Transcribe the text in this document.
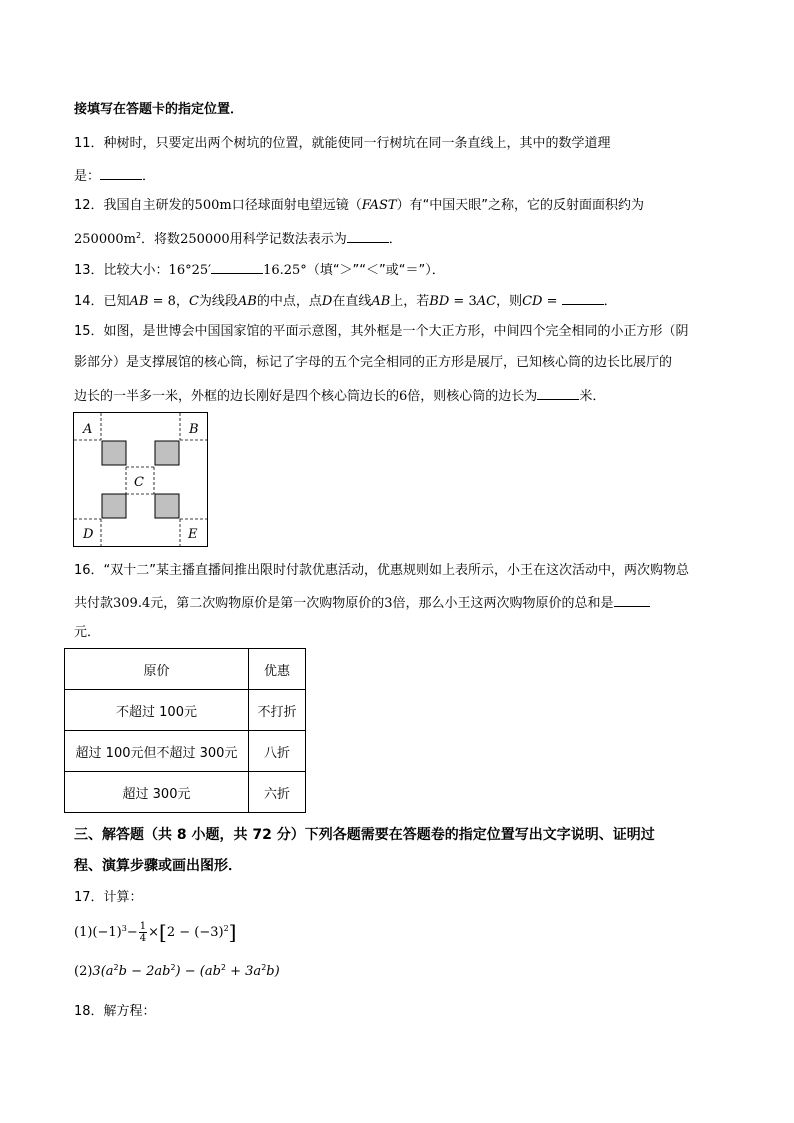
接填写在答题卡的指定位置．
11．种树时，只要定出两个树坑的位置，就能使同一行树坑在同一条直线上，其中的数学道理
是：	．
12．我国自主研发的500m口径球面射电望远镜（FAST）有“中国天眼”之称，它的反射面面积约为
$250000m^2$．将数250000用科学记数法表示为	．
13．比较大小：16°25′	16.25°（填“＞”“＜”或“＝”）．
14．已知AB = 8，C为线段AB的中点，点D在直线AB上，若BD = 3AC，则CD =	．
15．如图，是世博会中国国家馆的平面示意图，其外框是一个大正方形，中间四个完全相同的小正方形（阴
影部分）是支撑展馆的核心筒，标记了字母的五个完全相同的正方形是展厅，已知核心筒的边长比展厅的
边长的一半多一米，外框的边长刚好是四个核心筒边长的6倍，则核心筒的边长为	米．
A	B
C
D	E
16．“双十二”某主播直播间推出限时付款优惠活动，优惠规则如上表所示，小王在这次活动中，两次购物总
共付款309.4元，第二次购物原价是第一次购物原价的3倍，那么小王这两次购物原价的总和是
元．
原价	优惠
不超过 100元	不打折
超过 100元但不超过 300元	八折
超过 300元	六折
三、解答题（共 8 小题，共 72 分）下列各题需要在答题卷的指定位置写出文字说明、证明过
程、演算步骤或画出图形．
17．计算：
$(1)(-1)^3- \frac{1}{4} \times[2 - (-3)^2]$
$(2)3(a^2b - 2ab^2) - (ab^2 + 3a^2b)$
18．解方程：
